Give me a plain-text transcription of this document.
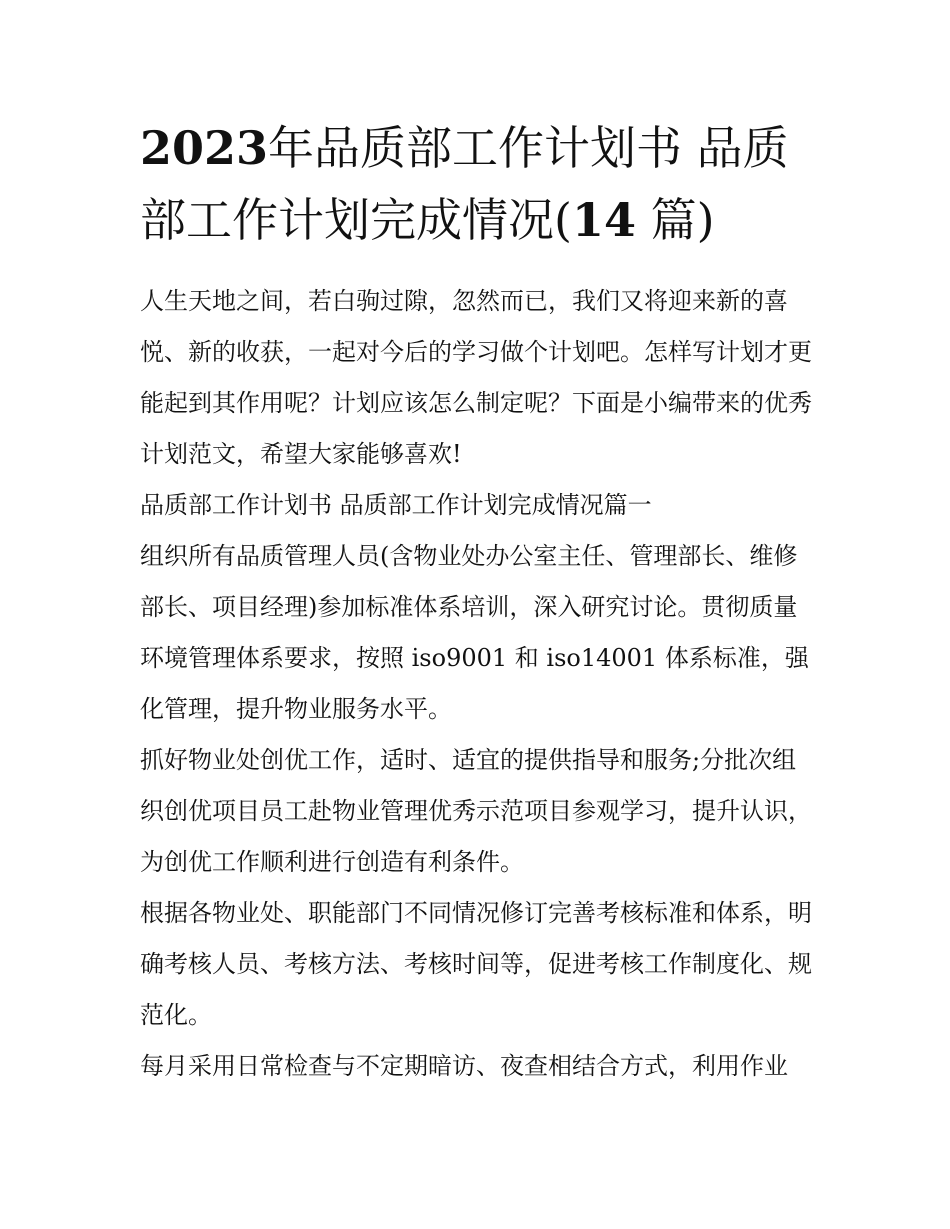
2023年品质部工作计划书 品质部工作计划完成情况(14 篇)

人生天地之间，若白驹过隙，忽然而已，我们又将迎来新的喜悦、新的收获，一起对今后的学习做个计划吧。怎样写计划才更能起到其作用呢？计划应该怎么制定呢？下面是小编带来的优秀计划范文，希望大家能够喜欢!

品质部工作计划书 品质部工作计划完成情况篇一

组织所有品质管理人员(含物业处办公室主任、管理部长、维修部长、项目经理)参加标准体系培训，深入研究讨论。贯彻质量环境管理体系要求，按照 iso9001 和 iso14001 体系标准，强化管理，提升物业服务水平。

抓好物业处创优工作，适时、适宜的提供指导和服务;分批次组织创优项目员工赴物业管理优秀示范项目参观学习，提升认识，为创优工作顺利进行创造有利条件。

根据各物业处、职能部门不同情况修订完善考核标准和体系，明确考核人员、考核方法、考核时间等，促进考核工作制度化、规范化。

每月采用日常检查与不定期暗访、夜查相结合方式，利用作业
